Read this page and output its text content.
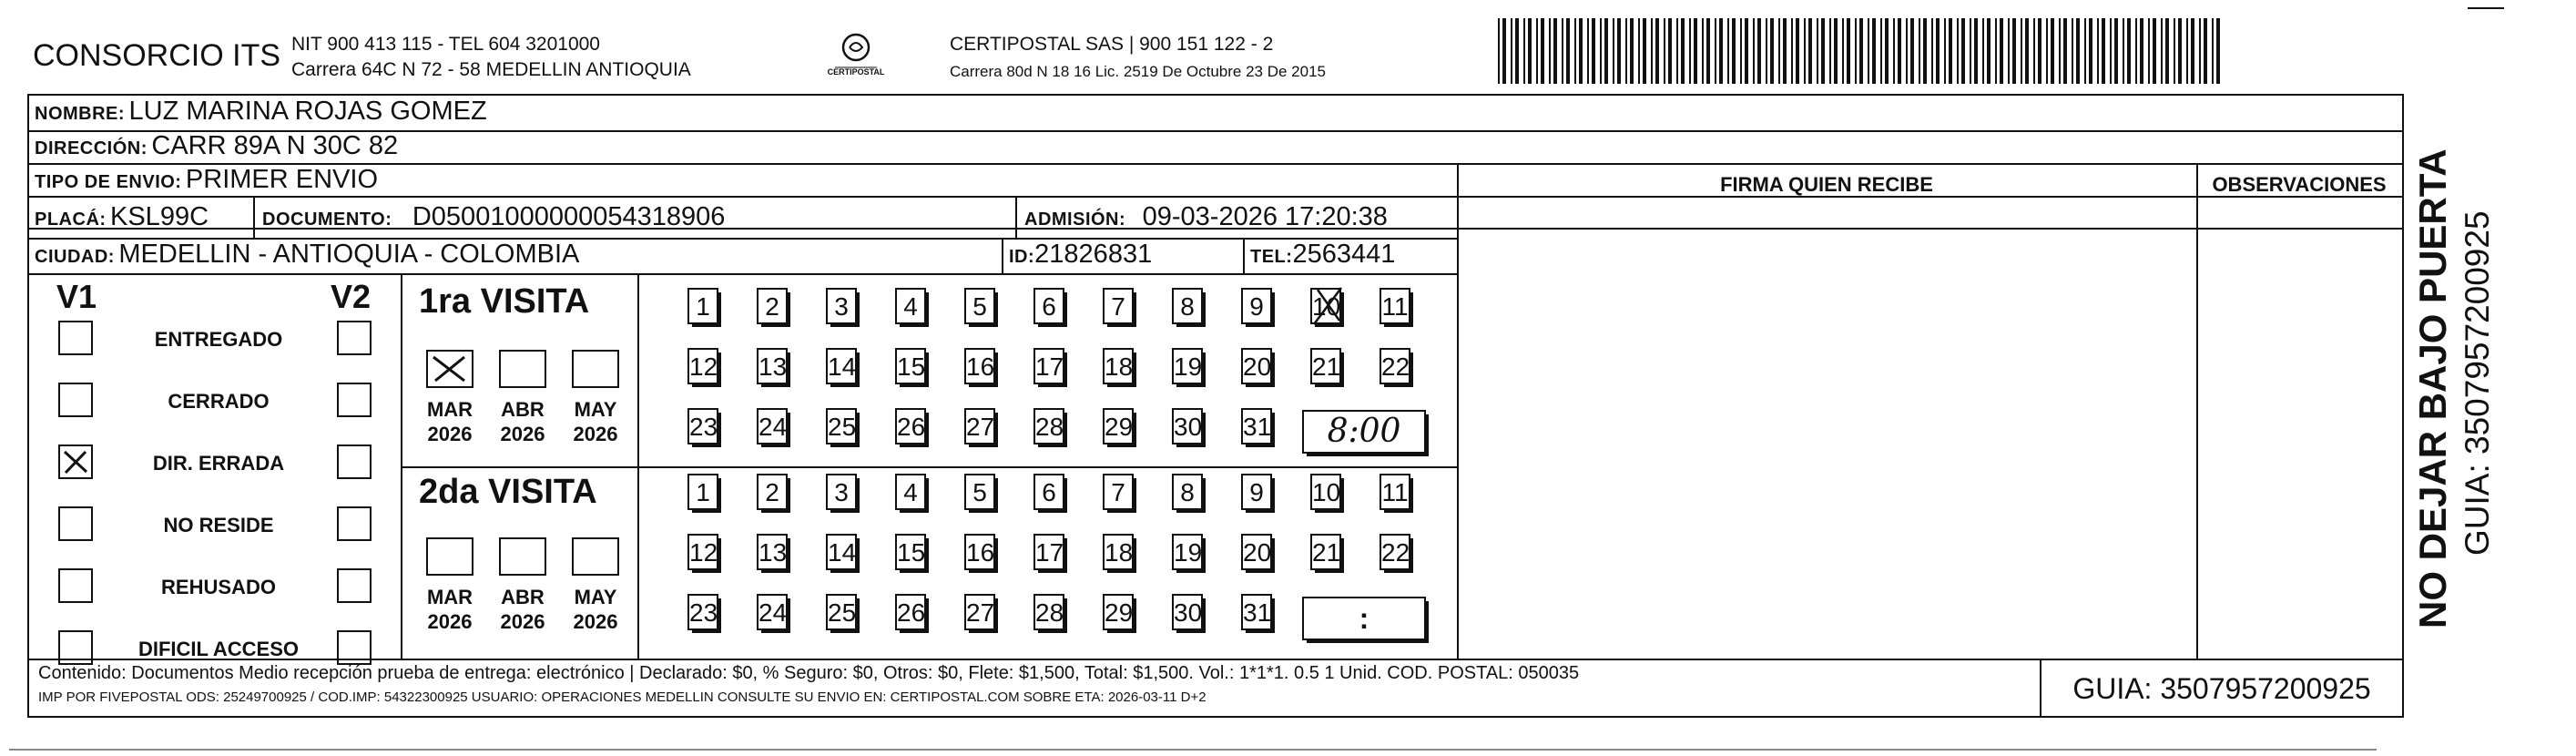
CONSORCIO ITS NIT 900 413 115 - TEL 604 3201000
Carrera 64C N 72 - 58 MEDELLIN ANTIOQUIA	CERTIPOSTAL
CERTIPOSTAL SAS | 900 151 122 - 2
Carrera 80d N 18 16 Lic. 2519 De Octubre 23 De 2015
NOMBRE: LUZ MARINA ROJAS GOMEZ
DIRECCIÓN: CARR 89A N 30C 82
TIPO DE ENVIO: PRIMER ENVIO	FIRMA QUIEN RECIBE	OBSERVACIONES
PLACÁ: KSL99C	DOCUMENTO: D05001000000054318906	ADMISIÓN: 09-03-2026 17:20:38
CIUDAD: MEDELLIN - ANTIOQUIA - COLOMBIA	ID:21826831	TEL:2563441
V1	V2
ENTREGADO
CERRADO
DIR. ERRADA
NO RESIDE
REHUSADO
DIFICIL ACCESO
1ra VISITA
2da VISITA
MAR
2026
ABR
2026
MAY
2026
MAR
2026
ABR
2026
MAY
2026
1	2	3	4	5	6	7	8	9	10 11
12 13 14 15 16 17 18 19 20 21 22
23 24 25 26 27 28 29 30 31
1	2	3	4	5	6	7	8	9	10 11
12 13 14 15 16 17 18 19 20 21 22
23 24 25 26 27 28 29 30 31
8:00
:	NO DEJAR BAJO PUERTA GUIA: 3507957200925
Contenido: Documentos Medio recepción prueba de entrega: electrónico | Declarado: $0, % Seguro: $0, Otros: $0, Flete: $1,500, Total: $1,500. Vol.: 1*1*1. 0.5 1 Unid. COD. POSTAL: 050035
IMP POR FIVEPOSTAL ODS: 25249700925 / COD.IMP: 54322300925 USUARIO: OPERACIONES MEDELLIN CONSULTE SU ENVIO EN: CERTIPOSTAL.COM SOBRE ETA: 2026-03-11 D+2	GUIA: 3507957200925
